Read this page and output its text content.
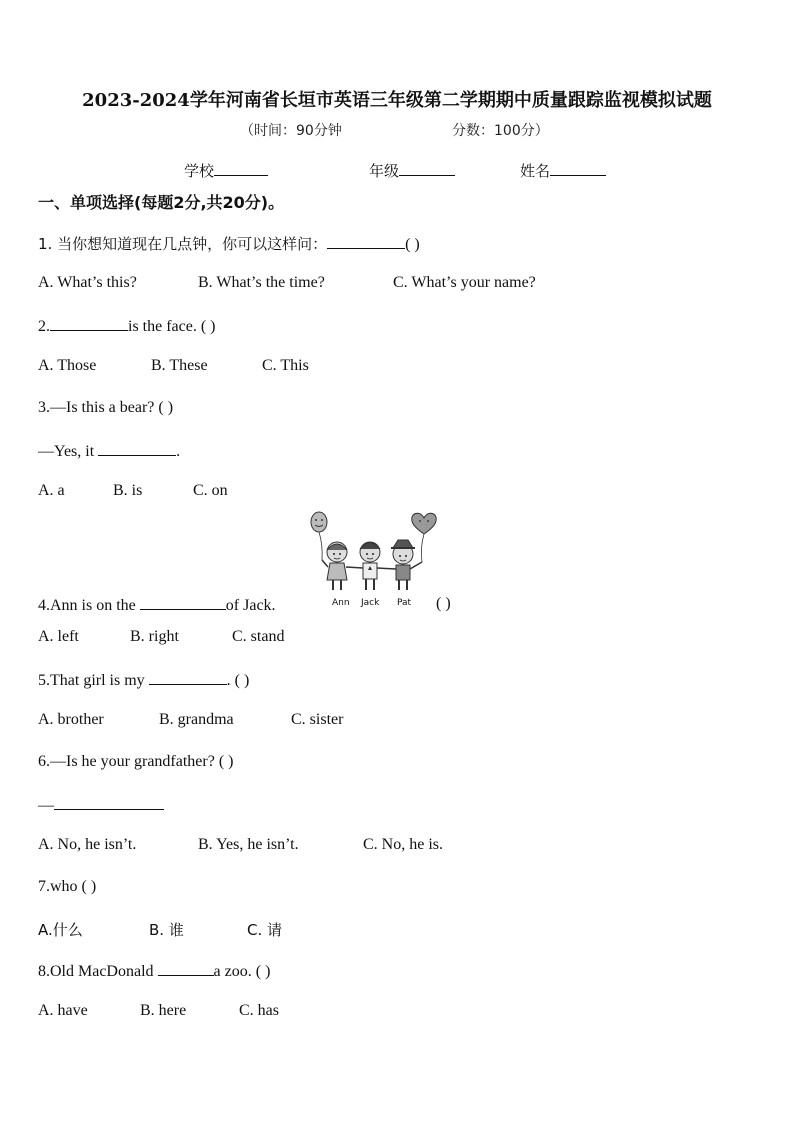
2023-2024学年河南省长垣市英语三年级第二学期期中质量跟踪监视模拟试题
（时间：90分钟	分数：100分）
学校	年级	姓名
一、单项选择(每题2分,共20分)。
1. 当你想知道现在几点钟，你可以这样问：	( )
A. What’s this?	B. What’s the time?	C. What’s your name?
2.	is the face. ( )
A. Those	B. These	C. This
3.—Is this a bear? ( )
—Yes, it	.
A. a	B. is	C. on
Ann Jack Pat
4.Ann is on the	of Jack.	( )
A. left	B. right	C. stand
5.That girl is my	. ( )
A. brother	B. grandma	C. sister
6.—Is he your grandfather? ( )
—
A. No, he isn’t.	B. Yes, he isn’t.	C. No, he is.
7.who ( )
A.什么	B. 谁	C. 请
8.Old MacDonald	a zoo. ( )
A. have	B. here	C. has
